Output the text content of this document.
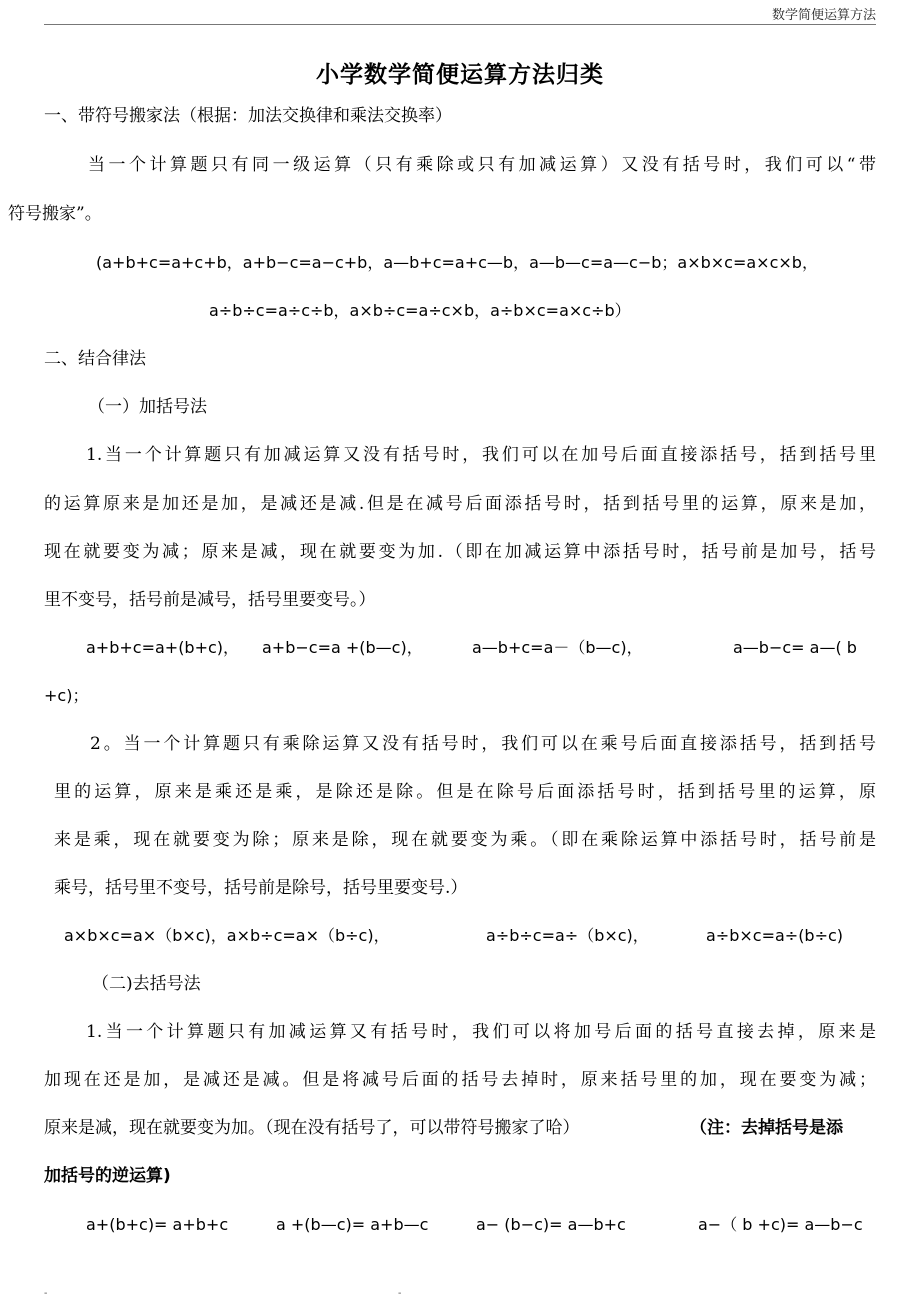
数学简便运算方法
小学数学简便运算方法归类
一、带符号搬家法（根据：加法交换律和乘法交换率）
当一个计算题只有同一级运算（只有乘除或只有加减运算）又没有括号时，我们可以“带
符号搬家”。
(a+b+c=a+c+b，a+b−c=a−c+b，a—b+c=a+c—b，a—b—c=a—c−b；a×b×c=a×c×b，
a÷b÷c=a÷c÷b，a×b÷c=a÷c×b，a÷b×c=a×c÷b）
二、结合律法
（一）加括号法
1.当一个计算题只有加减运算又没有括号时，我们可以在加号后面直接添括号，括到括号里
的运算原来是加还是加，是减还是减.但是在减号后面添括号时，括到括号里的运算，原来是加，
现在就要变为减；原来是减，现在就要变为加.（即在加减运算中添括号时，括号前是加号，括号
里不变号，括号前是减号，括号里要变号。）
a+b+c=a+(b+c)， a+b−c=a +(b—c)，	a—b+c=a－（b—c)，	a—b−c= a—( b
+c)；
2。当一个计算题只有乘除运算又没有括号时，我们可以在乘号后面直接添括号，括到括号
里的运算，原来是乘还是乘，是除还是除。但是在除号后面添括号时，括到括号里的运算，原
来是乘，现在就要变为除；原来是除，现在就要变为乘。（即在乘除运算中添括号时，括号前是
乘号，括号里不变号，括号前是除号，括号里要变号.）
a×b×c=a×（b×c)，a×b÷c=a×（b÷c)，	a÷b÷c=a÷（b×c)，	a÷b×c=a÷(b÷c)
（二)去括号法
1.当一个计算题只有加减运算又有括号时，我们可以将加号后面的括号直接去掉，原来是
加现在还是加，是减还是减。但是将减号后面的括号去掉时，原来括号里的加，现在要变为减；
原来是减，现在就要变为加。（现在没有括号了，可以带符号搬家了哈）	（注：去掉括号是添
加括号的逆运算)
a+(b+c)= a+b+c	a +(b—c)= a+b—c	a− (b−c)= a—b+c	a−（ b +c)= a—b−c
-	-
